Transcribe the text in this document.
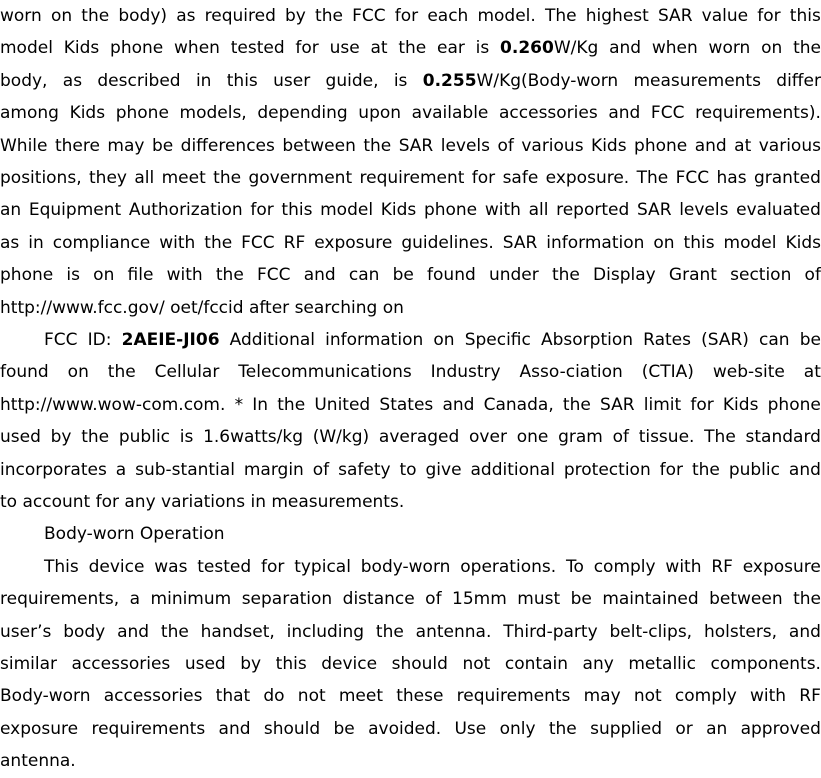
worn on the body) as required by the FCC for each model. The highest SAR value for this
model Kids phone when tested for use at the ear is 0.260W/Kg and when worn on the
body, as described in this user guide, is 0.255W/Kg(Body-worn measurements differ
among Kids phone models, depending upon available accessories and FCC requirements).
While there may be differences between the SAR levels of various Kids phone and at various
positions, they all meet the government requirement for safe exposure. The FCC has granted
an Equipment Authorization for this model Kids phone with all reported SAR levels evaluated
as in compliance with the FCC RF exposure guidelines. SAR information on this model Kids
phone is on file with the FCC and can be found under the Display Grant section of
http://www.fcc.gov/ oet/fccid after searching on
FCC ID: 2AEIE-JI06 Additional information on Specific Absorption Rates (SAR) can be
found on the Cellular Telecommunications Industry Asso-ciation (CTIA) web-site at
http://www.wow-com.com. * In the United States and Canada, the SAR limit for Kids phone
used by the public is 1.6watts/kg (W/kg) averaged over one gram of tissue. The standard
incorporates a sub-stantial margin of safety to give additional protection for the public and
to account for any variations in measurements.
Body-worn Operation
This device was tested for typical body-worn operations. To comply with RF exposure
requirements, a minimum separation distance of 15mm must be maintained between the
user’s body and the handset, including the antenna. Third-party belt-clips, holsters, and
similar accessories used by this device should not contain any metallic components.
Body-worn accessories that do not meet these requirements may not comply with RF
exposure requirements and should be avoided. Use only the supplied or an approved
antenna.
